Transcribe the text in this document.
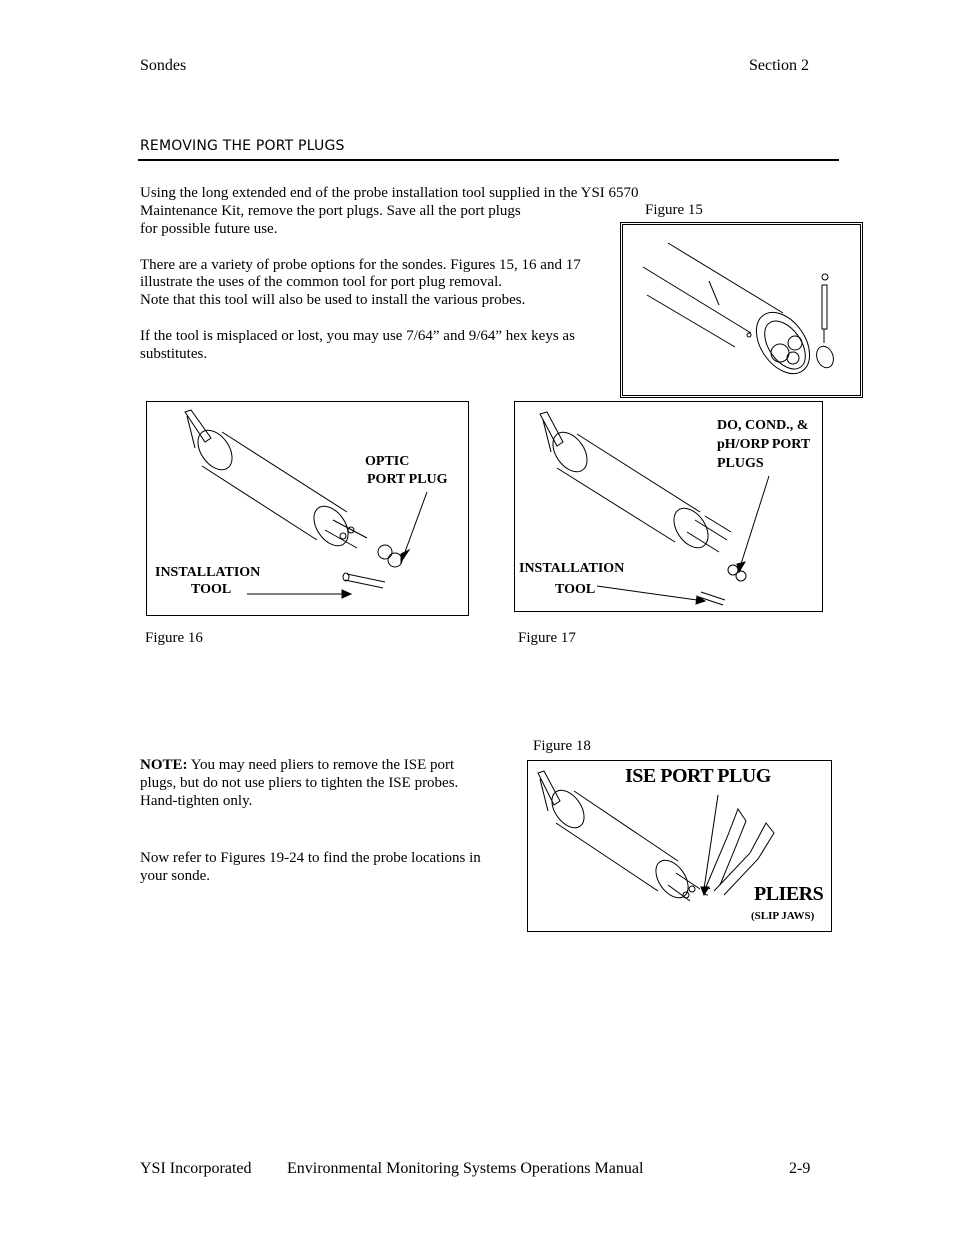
Sondes	Section 2
REMOVING THE PORT PLUGS
Using the long extended end of the probe installation tool supplied in the YSI 6570
Maintenance Kit, remove the port plugs. Save all the port plugs
for possible future use.
There are a variety of probe options for the sondes. Figures 15, 16 and 17
illustrate the uses of the common tool for port plug removal.
Note that this tool will also be used to install the various probes.
If the tool is misplaced or lost, you may use 7/64” and 9/64” hex keys as
substitutes.
Figure 15
OPTIC
PORT PLUG
INSTALLATION
TOOL
Figure 16
DO, COND., &
pH/ORP PORT
PLUGS
INSTALLATION
TOOL
Figure 17
NOTE: You may need pliers to remove the ISE port
plugs, but do not use pliers to tighten the ISE probes.
Hand-tighten only.
Now refer to Figures 19-24 to find the probe locations in
your sonde.
Figure 18
ISE PORT PLUG
PLIERS
(SLIP JAWS)
YSI Incorporated Environmental Monitoring Systems Operations Manual	2-9
